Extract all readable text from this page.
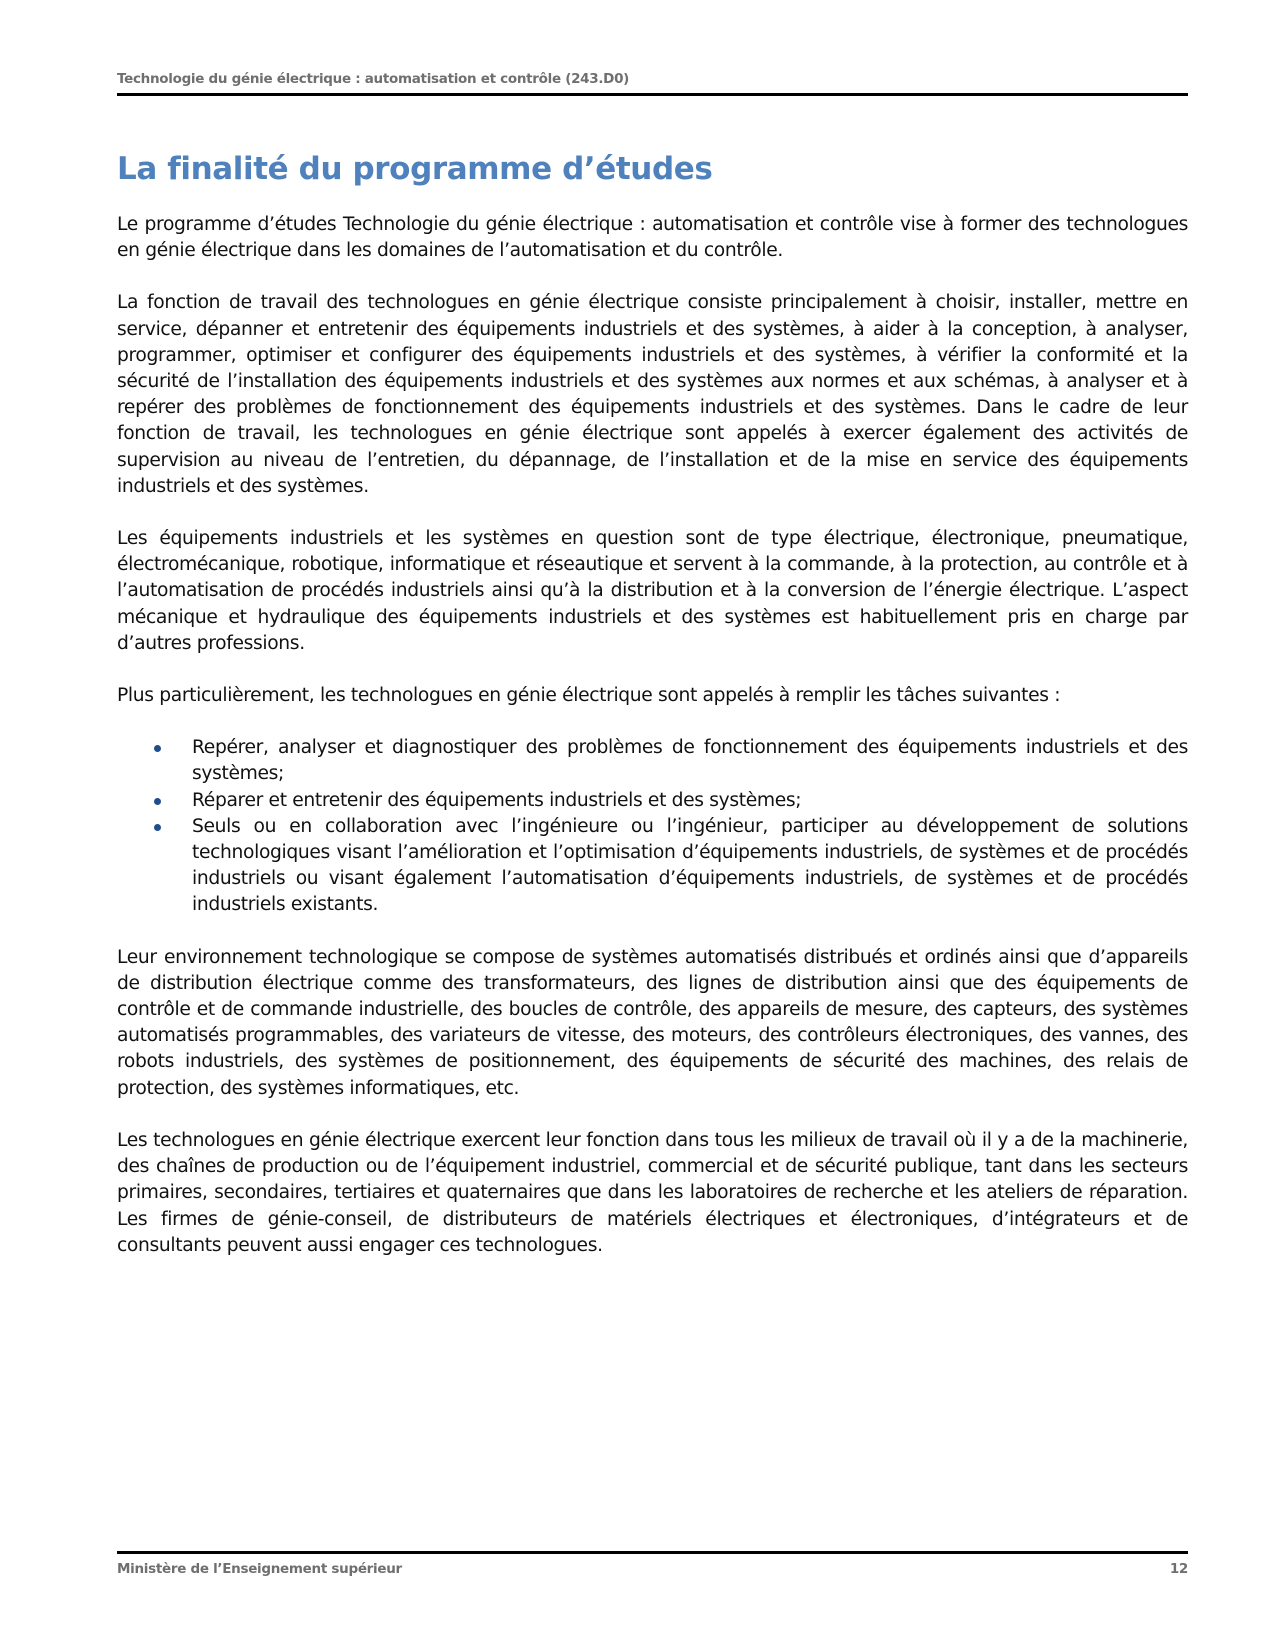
Technologie du génie électrique : automatisation et contrôle (243.D0)
La finalité du programme d’études

Le programme d’études Technologie du génie électrique : automatisation et contrôle vise à former des technologues en génie électrique dans les domaines de l’automatisation et du contrôle.

La fonction de travail des technologues en génie électrique consiste principalement à choisir, installer, mettre en service, dépanner et entretenir des équipements industriels et des systèmes, à aider à la conception, à analyser, programmer, optimiser et configurer des équipements industriels et des systèmes, à vérifier la conformité et la sécurité de l’installation des équipements industriels et des systèmes aux normes et aux schémas, à analyser et à repérer des problèmes de fonctionnement des équipements industriels et des systèmes. Dans le cadre de leur fonction de travail, les technologues en génie électrique sont appelés à exercer également des activités de supervision au niveau de l’entretien, du dépannage, de l’installation et de la mise en service des équipements industriels et des systèmes.

Les équipements industriels et les systèmes en question sont de type électrique, électronique, pneumatique, électromécanique, robotique, informatique et réseautique et servent à la commande, à la protection, au contrôle et à l’automatisation de procédés industriels ainsi qu’à la distribution et à la conversion de l’énergie électrique. L’aspect mécanique et hydraulique des équipements industriels et des systèmes est habituellement pris en charge par d’autres professions.

Plus particulièrement, les technologues en génie électrique sont appelés à remplir les tâches suivantes :

Repérer, analyser et diagnostiquer des problèmes de fonctionnement des équipements industriels et des systèmes;
Réparer et entretenir des équipements industriels et des systèmes;
Seuls ou en collaboration avec l’ingénieure ou l’ingénieur, participer au développement de solutions technologiques visant l’amélioration et l’optimisation d’équipements industriels, de systèmes et de procédés industriels ou visant également l’automatisation d’équipements industriels, de systèmes et de procédés industriels existants.

Leur environnement technologique se compose de systèmes automatisés distribués et ordinés ainsi que d’appareils de distribution électrique comme des transformateurs, des lignes de distribution ainsi que des équipements de contrôle et de commande industrielle, des boucles de contrôle, des appareils de mesure, des capteurs, des systèmes automatisés programmables, des variateurs de vitesse, des moteurs, des contrôleurs électroniques, des vannes, des robots industriels, des systèmes de positionnement, des équipements de sécurité des machines, des relais de protection, des systèmes informatiques, etc.

Les technologues en génie électrique exercent leur fonction dans tous les milieux de travail où il y a de la machinerie, des chaînes de production ou de l’équipement industriel, commercial et de sécurité publique, tant dans les secteurs primaires, secondaires, tertiaires et quaternaires que dans les laboratoires de recherche et les ateliers de réparation. Les firmes de génie-conseil, de distributeurs de matériels électriques et électroniques, d’intégrateurs et de consultants peuvent aussi engager ces technologues.

Ministère de l’Enseignement supérieur	12
